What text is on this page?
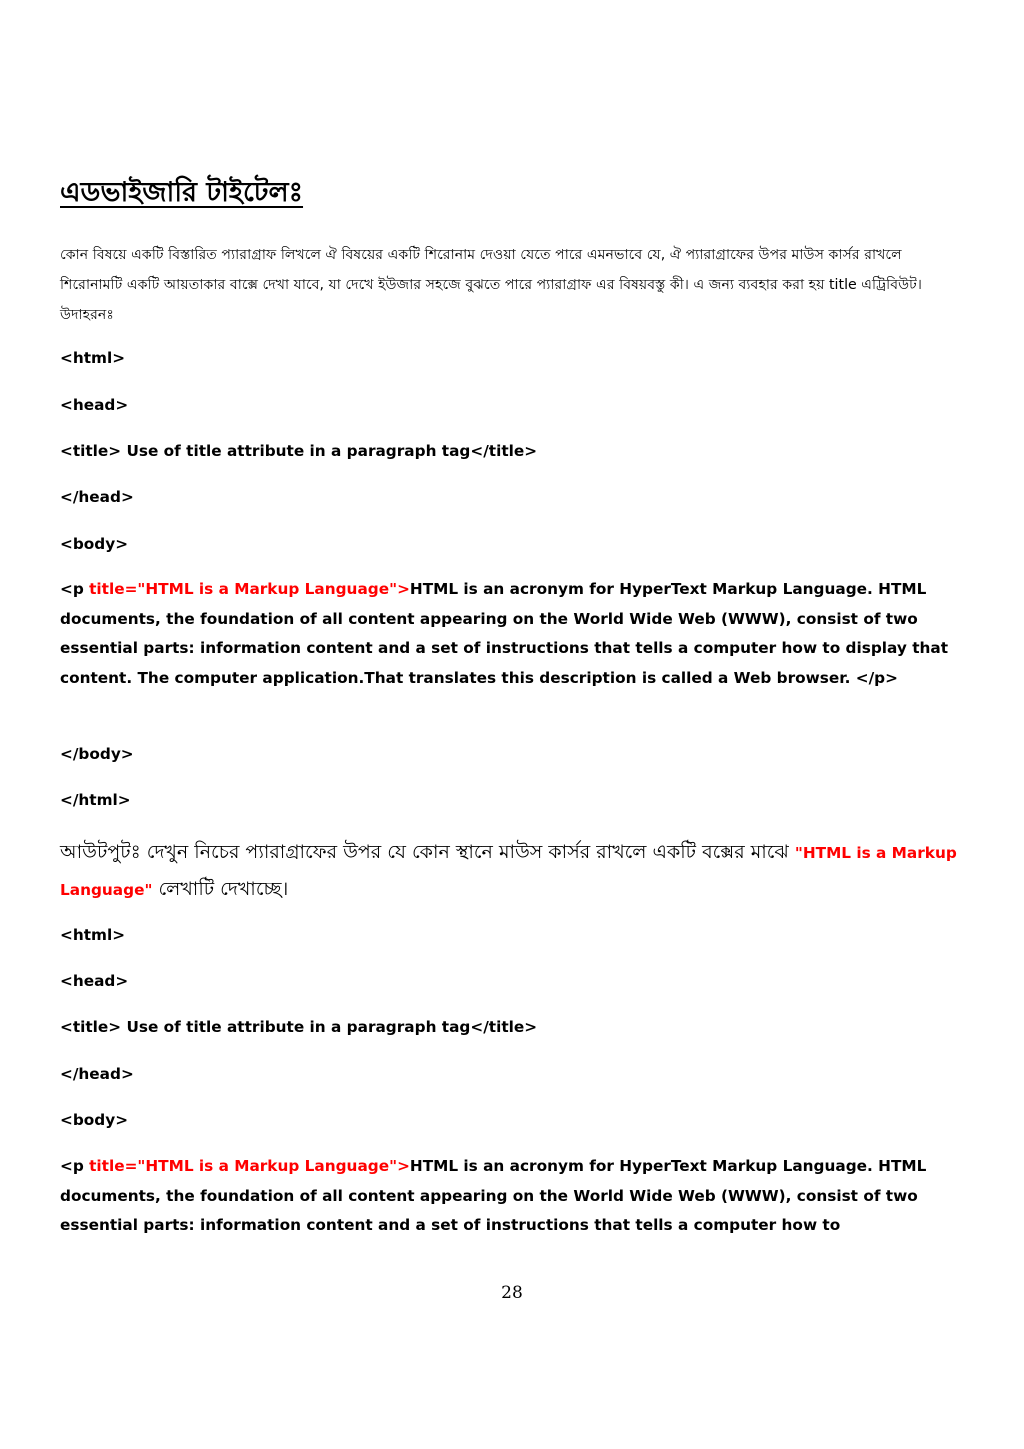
এডভাইজারি টাইটেলঃ

কোন বিষয়ে একটি বিস্তারিত প্যারাগ্রাফ লিখলে ঐ বিষয়ের একটি শিরোনাম দেওয়া যেতে পারে এমনভাবে যে, ঐ প্যারাগ্রাফের উপর মাউস কার্সর রাখলে শিরোনামটি একটি আয়তাকার বাক্সে দেখা যাবে, যা দেখে ইউজার সহজে বুঝতে পারে প্যারাগ্রাফ এর বিষয়বস্তু কী। এ জন্য ব্যবহার করা হয় title এট্রিবিউট। উদাহরনঃ

<html>
<head>
<title> Use of title attribute in a paragraph tag</title>
</head>
<body>

<p title="HTML is a Markup Language">HTML is an acronym for HyperText Markup Language. HTML documents, the foundation of all content appearing on the World Wide Web (WWW), consist of two essential parts: information content and a set of instructions that tells a computer how to display that content. The computer application.That translates this description is called a Web browser. </p>

</body>
</html>

আউটপুটঃ দেখুন নিচের প্যারাগ্রাফের উপর যে কোন স্থানে মাউস কার্সর রাখলে একটি বক্সের মাঝে "HTML is a Markup Language" লেখাটি দেখাচ্ছে।

<html>
<head>
<title> Use of title attribute in a paragraph tag</title>
</head>
<body>

<p title="HTML is a Markup Language">HTML is an acronym for HyperText Markup Language. HTML documents, the foundation of all content appearing on the World Wide Web (WWW), consist of two essential parts: information content and a set of instructions that tells a computer how to

28
